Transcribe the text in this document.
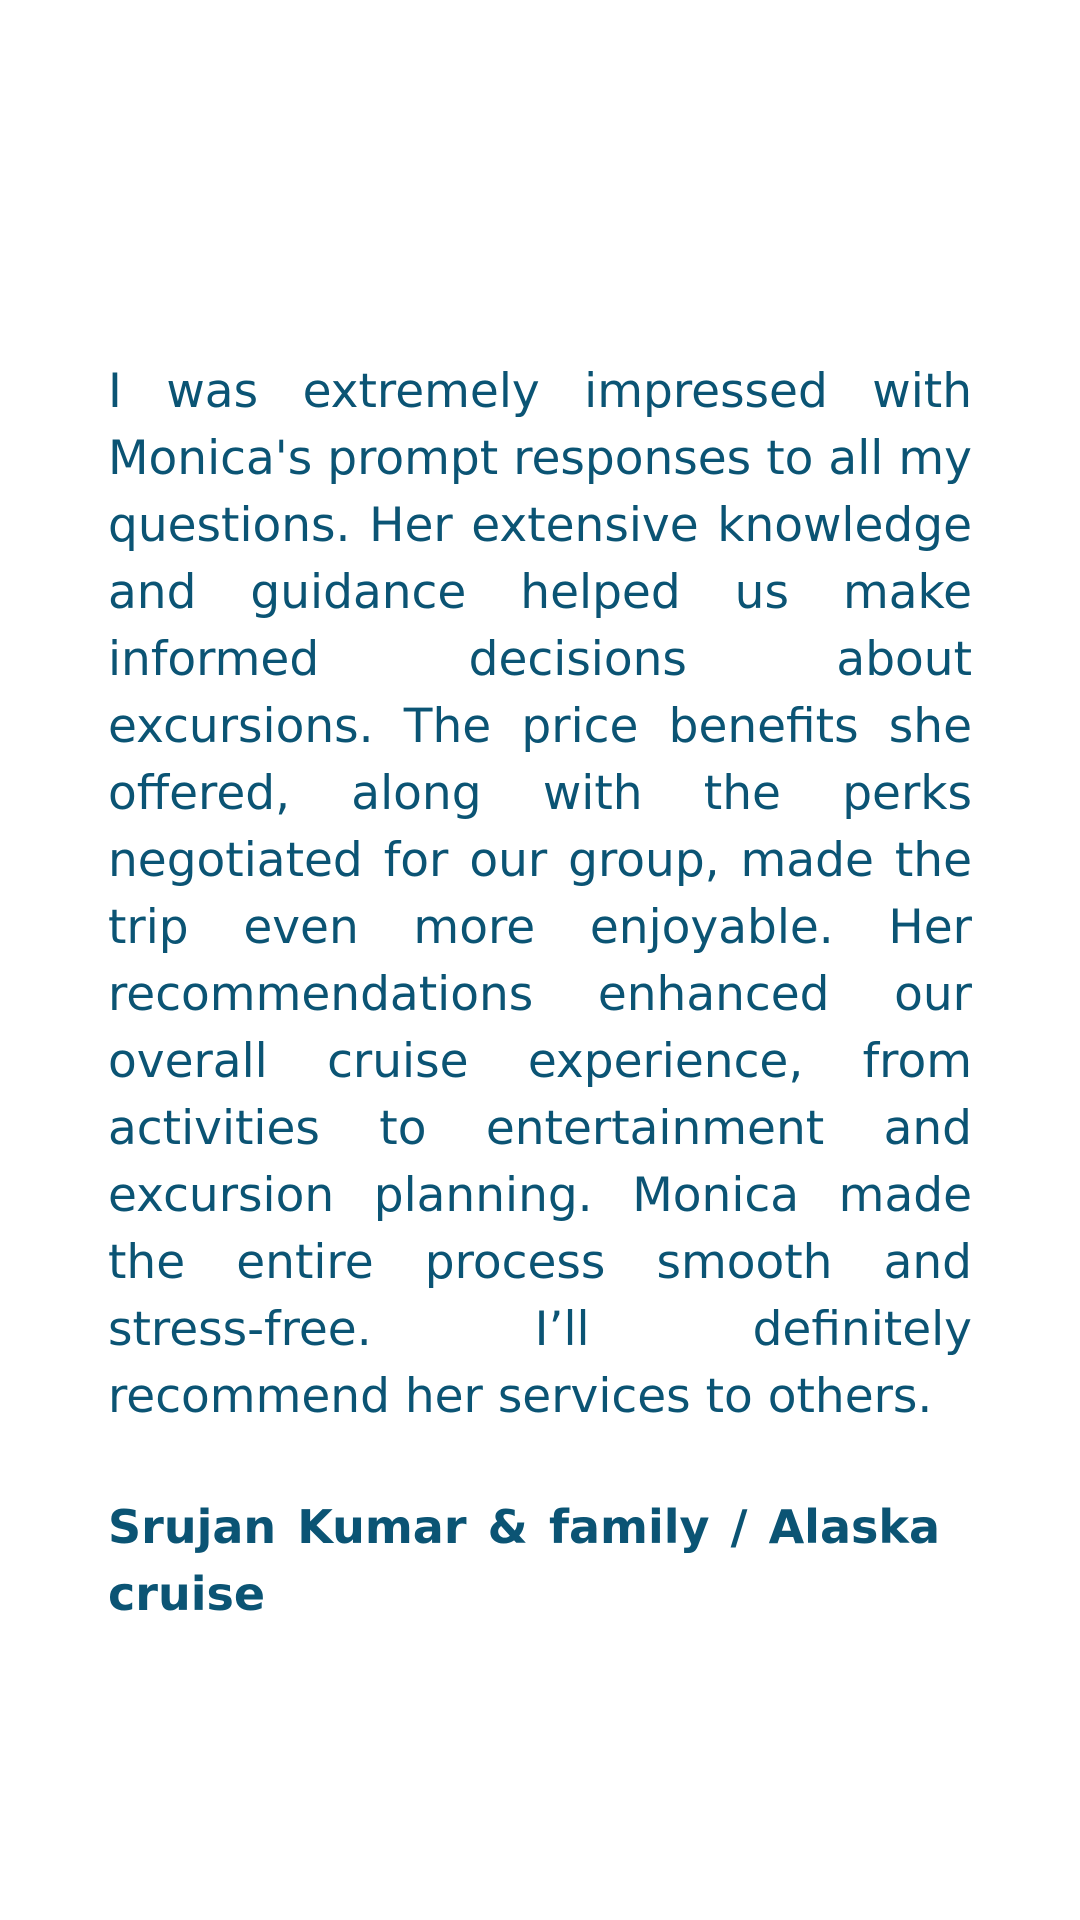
I was extremely impressed with Monica's prompt responses to all my questions. Her extensive knowledge and guidance helped us make informed decisions about excursions. The price benefits she offered, along with the perks negotiated for our group, made the trip even more enjoyable. Her recommendations enhanced our overall cruise experience, from activities to entertainment and excursion planning. Monica made the entire process smooth and stress-free. I’ll definitely recommend her services to others.

Srujan Kumar & family / Alaska cruise
